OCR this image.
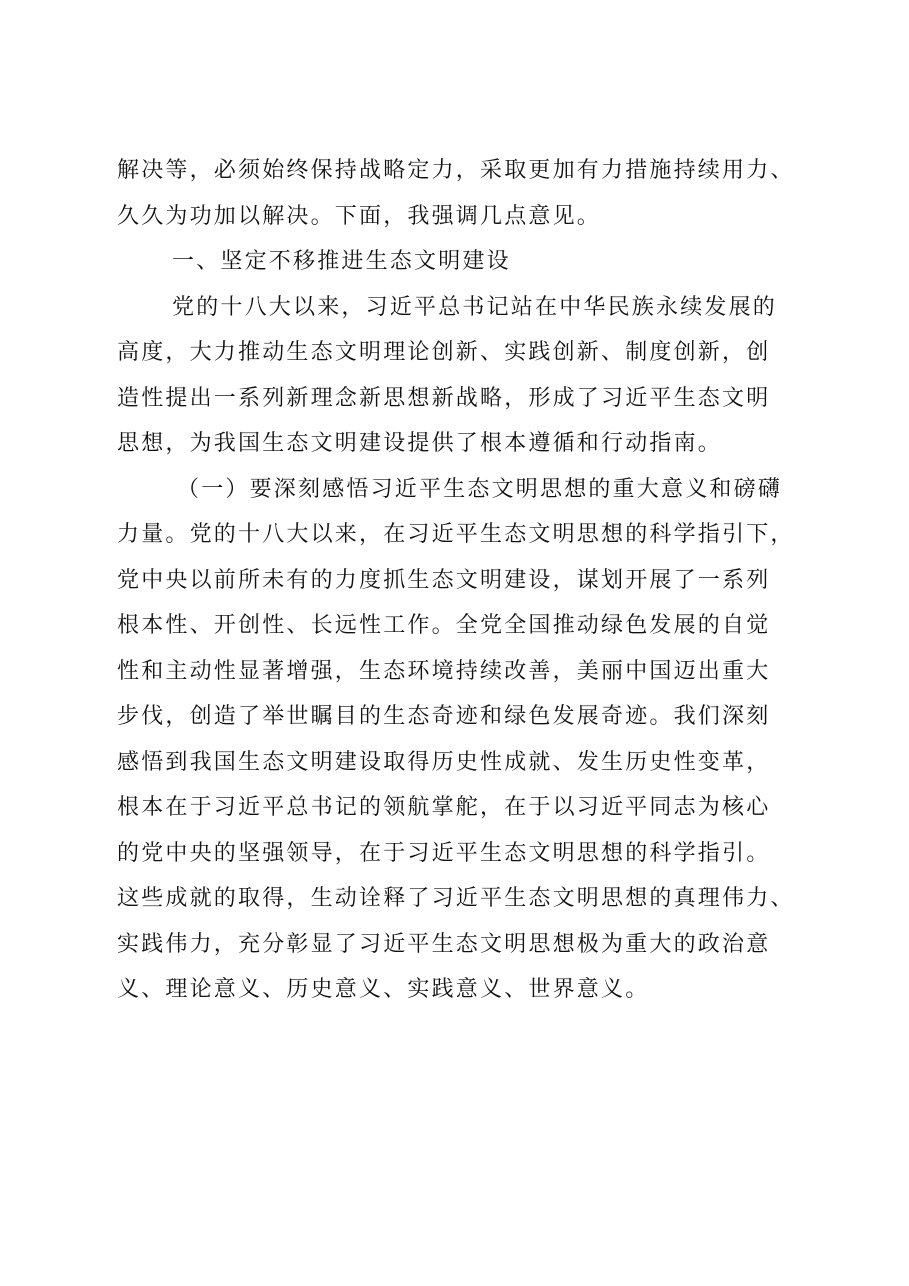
解决等，必须始终保持战略定力，采取更加有力措施持续用力、
久久为功加以解决。下面，我强调几点意见。
一、坚定不移推进生态文明建设
党的十八大以来，习近平总书记站在中华民族永续发展的
高度，大力推动生态文明理论创新、实践创新、制度创新，创
造性提出一系列新理念新思想新战略，形成了习近平生态文明
思想，为我国生态文明建设提供了根本遵循和行动指南。
（一）要深刻感悟习近平生态文明思想的重大意义和磅礴
力量。党的十八大以来，在习近平生态文明思想的科学指引下，
党中央以前所未有的力度抓生态文明建设，谋划开展了一系列
根本性、开创性、长远性工作。全党全国推动绿色发展的自觉
性和主动性显著增强，生态环境持续改善，美丽中国迈出重大
步伐，创造了举世瞩目的生态奇迹和绿色发展奇迹。我们深刻
感悟到我国生态文明建设取得历史性成就、发生历史性变革，
根本在于习近平总书记的领航掌舵，在于以习近平同志为核心
的党中央的坚强领导，在于习近平生态文明思想的科学指引。
这些成就的取得，生动诠释了习近平生态文明思想的真理伟力、
实践伟力，充分彰显了习近平生态文明思想极为重大的政治意
义、理论意义、历史意义、实践意义、世界意义。
